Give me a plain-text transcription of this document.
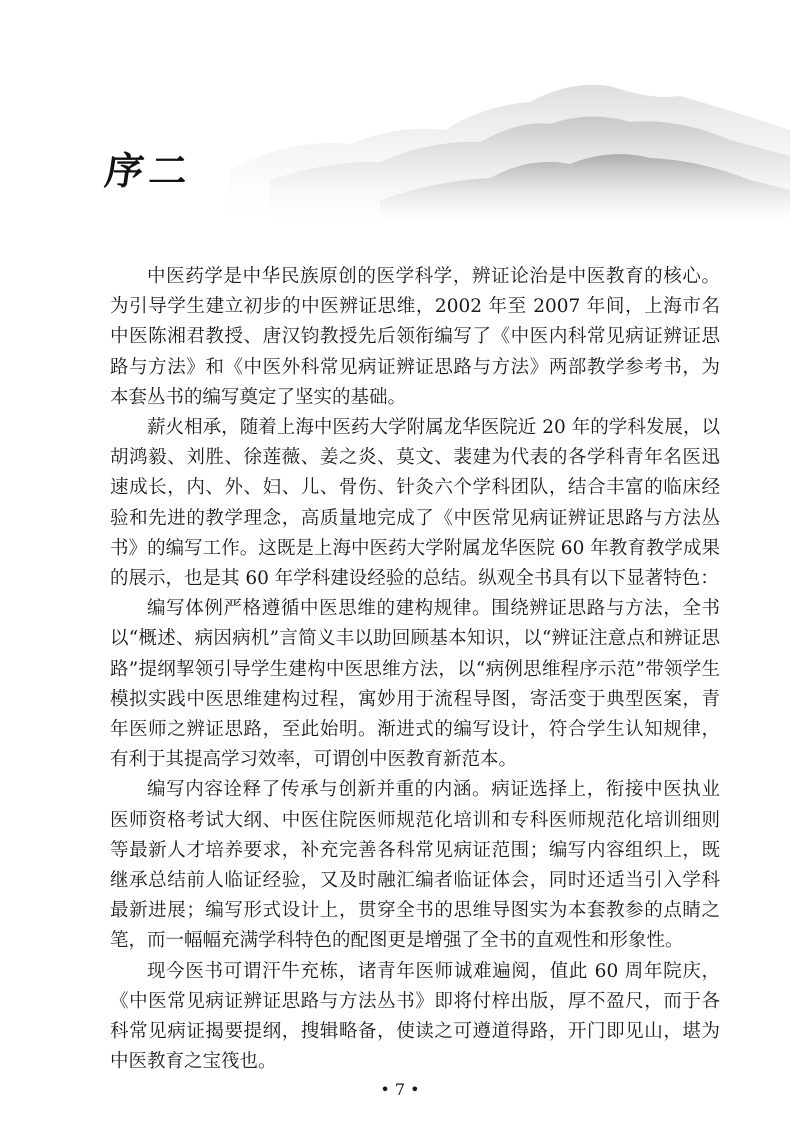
序二

中医药学是中华民族原创的医学科学，辨证论治是中医教育的核心。为引导学生建立初步的中医辨证思维，2002 年至 2007 年间，上海市名中医陈湘君教授、唐汉钧教授先后领衔编写了《中医内科常见病证辨证思路与方法》和《中医外科常见病证辨证思路与方法》两部教学参考书，为本套丛书的编写奠定了坚实的基础。

薪火相承，随着上海中医药大学附属龙华医院近 20 年的学科发展，以胡鸿毅、刘胜、徐莲薇、姜之炎、莫文、裴建为代表的各学科青年名医迅速成长，内、外、妇、儿、骨伤、针灸六个学科团队，结合丰富的临床经验和先进的教学理念，高质量地完成了《中医常见病证辨证思路与方法丛书》的编写工作。这既是上海中医药大学附属龙华医院 60 年教育教学成果的展示，也是其 60 年学科建设经验的总结。纵观全书具有以下显著特色：

编写体例严格遵循中医思维的建构规律。围绕辨证思路与方法，全书以“概述、病因病机”言简义丰以助回顾基本知识，以“辨证注意点和辨证思路”提纲挈领引导学生建构中医思维方法，以“病例思维程序示范”带领学生模拟实践中医思维建构过程，寓妙用于流程导图，寄活变于典型医案，青年医师之辨证思路，至此始明。渐进式的编写设计，符合学生认知规律，有利于其提高学习效率，可谓创中医教育新范本。

编写内容诠释了传承与创新并重的内涵。病证选择上，衔接中医执业医师资格考试大纲、中医住院医师规范化培训和专科医师规范化培训细则等最新人才培养要求，补充完善各科常见病证范围；编写内容组织上，既继承总结前人临证经验，又及时融汇编者临证体会，同时还适当引入学科最新进展；编写形式设计上，贯穿全书的思维导图实为本套教参的点睛之笔，而一幅幅充满学科特色的配图更是增强了全书的直观性和形象性。

现今医书可谓汗牛充栋，诸青年医师诚难遍阅，值此 60 周年院庆，《中医常见病证辨证思路与方法丛书》即将付梓出版，厚不盈尺，而于各科常见病证揭要提纲，搜辑略备，使读之可遵道得路，开门即见山，堪为中医教育之宝筏也。

• 7 •
